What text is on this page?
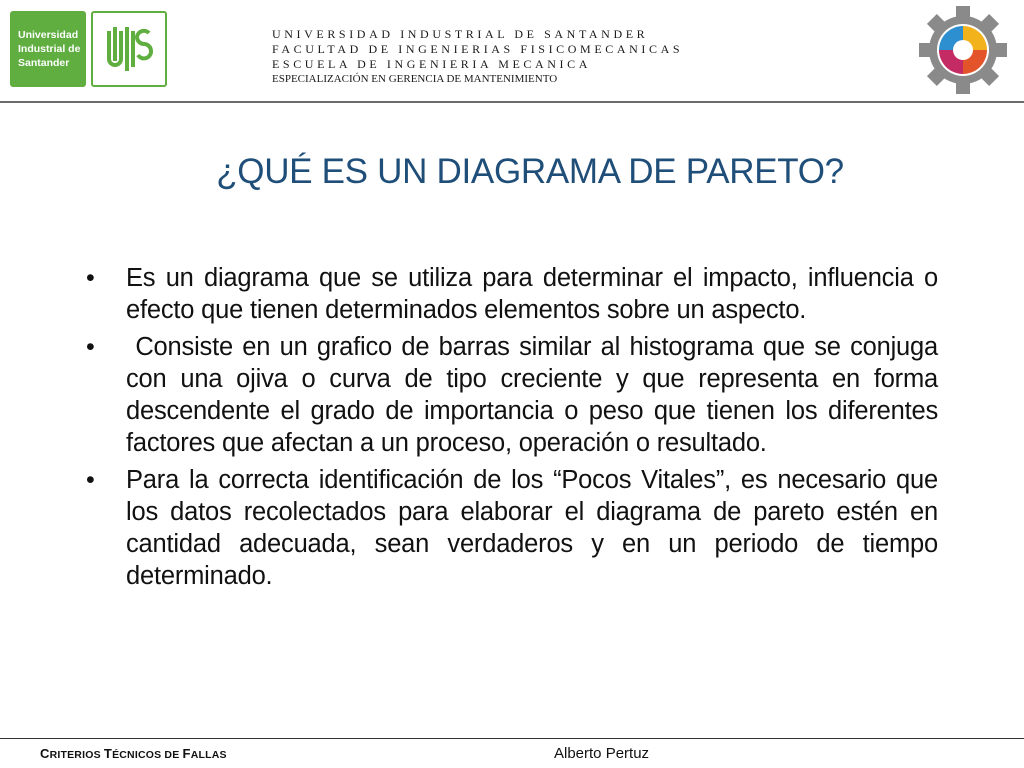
Universidad
Industrial de
Santander
UNIVERSIDAD INDUSTRIAL DE SANTANDER
FACULTAD DE INGENIERIAS FISICOMECANICAS
ESCUELA DE INGENIERIA MECANICA
ESPECIALIZACIÓN EN GERENCIA DE MANTENIMIENTO
¿QUÉ ES UN DIAGRAMA DE PARETO?
• Es un diagrama que se utiliza para determinar el impacto, influencia o efecto que tienen determinados elementos sobre un aspecto.
• Consiste en un grafico de barras similar al histograma que se conjuga con una ojiva o curva de tipo creciente y que representa en forma descendente el grado de importancia o peso que tienen los diferentes factores que afectan a un proceso, operación o resultado.
• Para la correcta identificación de los “Pocos Vitales”, es necesario que los datos recolectados para elaborar el diagrama de pareto estén en cantidad adecuada, sean verdaderos y en un periodo de tiempo determinado.
CRITERIOS TÉCNICOS DE FALLAS	Alberto Pertuz
